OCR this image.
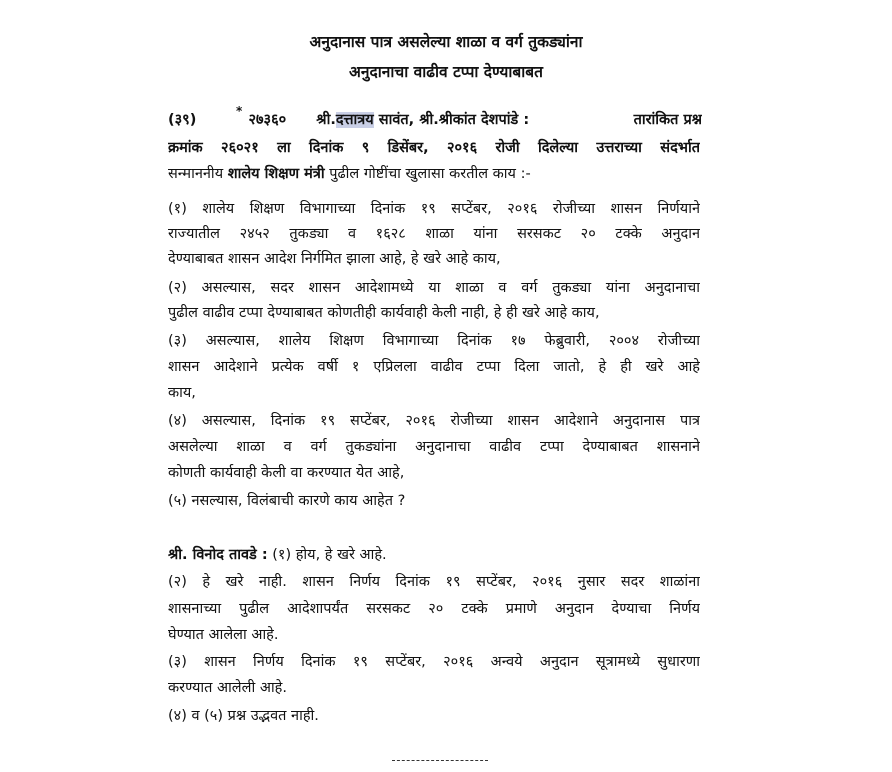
अनुदानास पात्र असलेल्या शाळा व वर्ग तुकड्यांना
अनुदानाचा वाढीव टप्पा देण्याबाबत
*
(३९)	२७३६० श्री.दत्तात्रय सावंत, श्री.श्रीकांत देशपांडे :	तारांकित प्रश्न
क्रमांक २६०२१ ला दिनांक ९ डिसेंबर, २०१६ रोजी दिलेल्या उत्तराच्या संदर्भात
सन्माननीय शालेय शिक्षण मंत्री पुढील गोष्टींचा खुलासा करतील काय :-
(१) शालेय शिक्षण विभागाच्या दिनांक १९ सप्टेंबर, २०१६ रोजीच्या शासन निर्णयाने
राज्यातील २४५२ तुकड्या व १६२८ शाळा यांना सरसकट २० टक्के अनुदान
देण्याबाबत शासन आदेश निर्गमित झाला आहे, हे खरे आहे काय,
(२) असल्यास, सदर शासन आदेशामध्ये या शाळा व वर्ग तुकड्या यांना अनुदानाचा
पुढील वाढीव टप्पा देण्याबाबत कोणतीही कार्यवाही केली नाही, हे ही खरे आहे काय,
(३) असल्यास, शालेय शिक्षण विभागाच्या दिनांक १७ फेब्रुवारी, २००४ रोजीच्या
शासन आदेशाने प्रत्येक वर्षी १ एप्रिलला वाढीव टप्पा दिला जातो, हे ही खरे आहे
काय,
(४) असल्यास, दिनांक १९ सप्टेंबर, २०१६ रोजीच्या शासन आदेशाने अनुदानास पात्र
असलेल्या शाळा व वर्ग तुकड्यांना अनुदानाचा वाढीव टप्पा देण्याबाबत शासनाने
कोणती कार्यवाही केली वा करण्यात येत आहे,
(५) नसल्यास, विलंबाची कारणे काय आहेत ?
श्री. विनोद तावडे : (१) होय, हे खरे आहे.
(२) हे खरे नाही. शासन निर्णय दिनांक १९ सप्टेंबर, २०१६ नुसार सदर शाळांना
शासनाच्या पुढील आदेशापर्यंत सरसकट २० टक्के प्रमाणे अनुदान देण्याचा निर्णय
घेण्यात आलेला आहे.
(३) शासन निर्णय दिनांक १९ सप्टेंबर, २०१६ अन्वये अनुदान सूत्रामध्ये सुधारणा
करण्यात आलेली आहे.
(४) व (५) प्रश्न उद्भवत नाही.
